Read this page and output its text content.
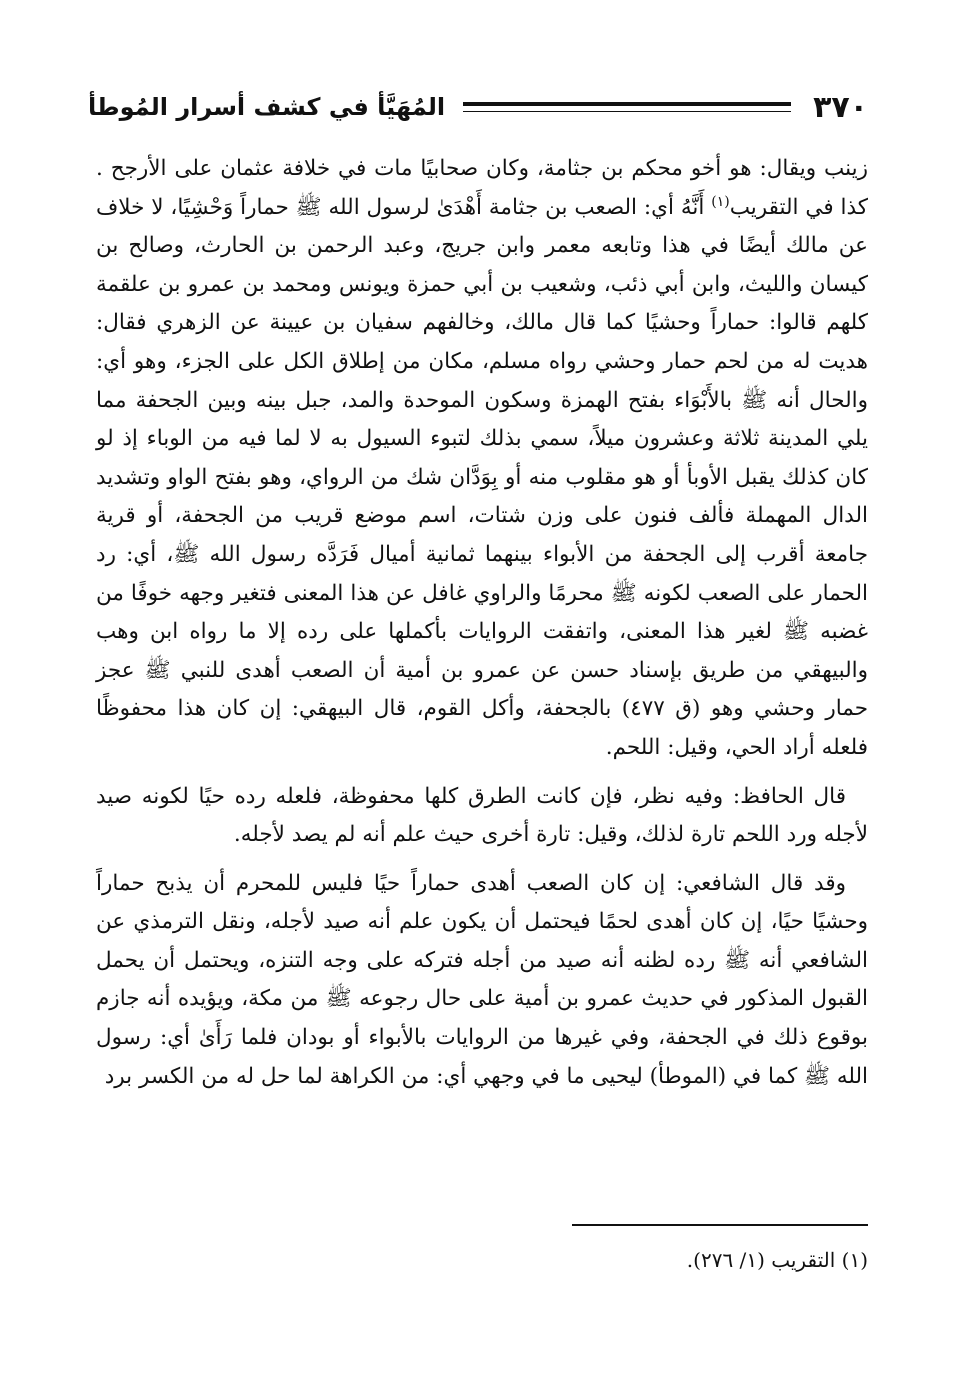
٣٧٠
المُهَيَّأ في كشف أسرار المُوطأ

زينب ويقال: هو أخو محكم بن جثامة، وكان صحابيًا مات في خلافة عثمان على الأرجح . كذا في التقريب$^{(١)}$ أَنَّهُ أي: الصعب بن جثامة أَهْدَىٰ لرسول الله ﷺ حماراً وَحْشِيًا، لا خلاف عن مالك أيضًا في هذا وتابعه معمر وابن جريج، وعبد الرحمن بن الحارث، وصالح بن كيسان والليث، وابن أبي ذئب، وشعيب بن أبي حمزة ويونس ومحمد بن عمرو بن علقمة كلهم قالوا: حماراً وحشيًا كما قال مالك، وخالفهم سفيان بن عيينة عن الزهري فقال: هديت له من لحم حمار وحشي رواه مسلم، مكان من إطلاق الكل على الجزء، وهو أي: والحال أنه ﷺ بالأَبْوَاء بفتح الهمزة وسكون الموحدة والمد، جبل بينه وبين الجحفة مما يلي المدينة ثلاثة وعشرون ميلاً، سمي بذلك لتبوء السيول به لا لما فيه من الوباء إذ لو كان كذلك يقبل الأوبأ أو هو مقلوب منه أو بِوَدَّان شك من الرواي، وهو بفتح الواو وتشديد الدال المهملة فألف فنون على وزن شتات، اسم موضع قريب من الجحفة، أو قرية جامعة أقرب إلى الجحفة من الأبواء بينهما ثمانية أميال فَرَدَّه رسول الله ﷺ، أي: رد الحمار على الصعب لكونه ﷺ محرمًا والراوي غافل عن هذا المعنى فتغير وجهه خوفًا من غضبه ﷺ لغير هذا المعنى، واتفقت الروايات بأكملها على رده إلا ما رواه ابن وهب والبيهقي من طريق بإسناد حسن عن عمرو بن أمية أن الصعب أهدى للنبي ﷺ عجز حمار وحشي وهو (ق ٤٧٧) بالجحفة، وأكل القوم، قال البيهقي: إن كان هذا محفوظًا فلعله أراد الحي، وقيل: اللحم.

قال الحافظ: وفيه نظر، فإن كانت الطرق كلها محفوظة، فلعله رده حيًا لكونه صيد لأجله ورد اللحم تارة لذلك، وقيل: تارة أخرى حيث علم أنه لم يصد لأجله.

وقد قال الشافعي: إن كان الصعب أهدى حماراً حيًا فليس للمحرم أن يذبح حماراً وحشيًا حيًا، إن كان أهدى لحمًا فيحتمل أن يكون علم أنه صيد لأجله، ونقل الترمذي عن الشافعي أنه ﷺ رده لظنه أنه صيد من أجله فتركه على وجه التنزه، ويحتمل أن يحمل القبول المذكور في حديث عمرو بن أمية على حال رجوعه ﷺ من مكة، ويؤيده أنه جازم بوقوع ذلك في الجحفة، وفي غيرها من الروايات بالأبواء أو بودان فلما رَأَىٰ أي: رسول الله ﷺ كما في (الموطأ) ليحيى ما في وجهي أي: من الكراهة لما حل له من الكسر برد

(١) التقريب (١/ ٢٧٦).
